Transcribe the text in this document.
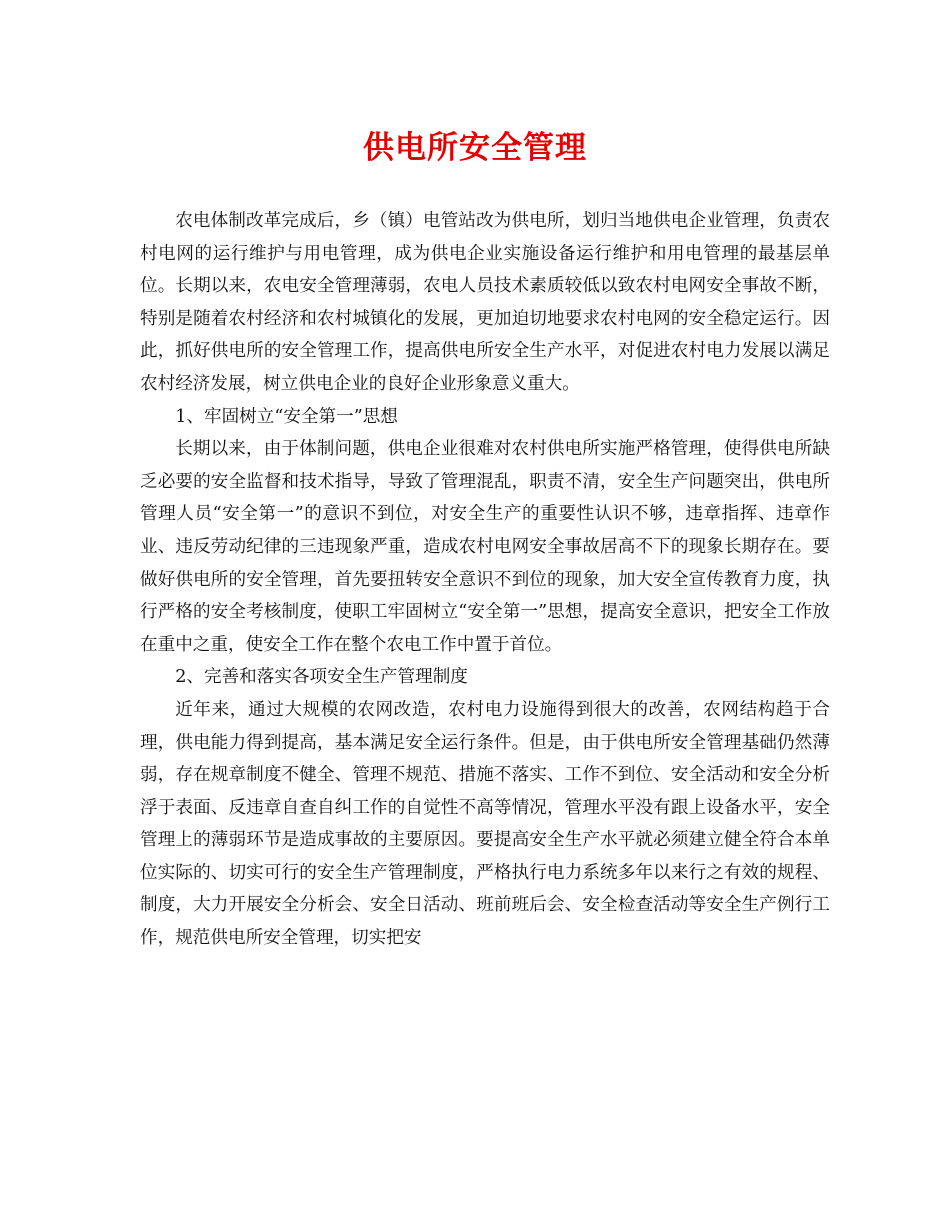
供电所安全管理

农电体制改革完成后，乡（镇）电管站改为供电所，划归当地供电企业管理，负责农村电网的运行维护与用电管理，成为供电企业实施设备运行维护和用电管理的最基层单位。长期以来，农电安全管理薄弱，农电人员技术素质较低以致农村电网安全事故不断，特别是随着农村经济和农村城镇化的发展，更加迫切地要求农村电网的安全稳定运行。因此，抓好供电所的安全管理工作，提高供电所安全生产水平，对促进农村电力发展以满足农村经济发展，树立供电企业的良好企业形象意义重大。

1、牢固树立“安全第一”思想

长期以来，由于体制问题，供电企业很难对农村供电所实施严格管理，使得供电所缺乏必要的安全监督和技术指导，导致了管理混乱，职责不清，安全生产问题突出，供电所管理人员“安全第一”的意识不到位，对安全生产的重要性认识不够，违章指挥、违章作业、违反劳动纪律的三违现象严重，造成农村电网安全事故居高不下的现象长期存在。要做好供电所的安全管理，首先要扭转安全意识不到位的现象，加大安全宣传教育力度，执行严格的安全考核制度，使职工牢固树立“安全第一”思想，提高安全意识，把安全工作放在重中之重，使安全工作在整个农电工作中置于首位。

2、完善和落实各项安全生产管理制度

近年来，通过大规模的农网改造，农村电力设施得到很大的改善，农网结构趋于合理，供电能力得到提高，基本满足安全运行条件。但是，由于供电所安全管理基础仍然薄弱，存在规章制度不健全、管理不规范、措施不落实、工作不到位、安全活动和安全分析浮于表面、反违章自查自纠工作的自觉性不高等情况，管理水平没有跟上设备水平，安全管理上的薄弱环节是造成事故的主要原因。要提高安全生产水平就必须建立健全符合本单位实际的、切实可行的安全生产管理制度，严格执行电力系统多年以来行之有效的规程、制度，大力开展安全分析会、安全日活动、班前班后会、安全检查活动等安全生产例行工作，规范供电所安全管理，切实把安
